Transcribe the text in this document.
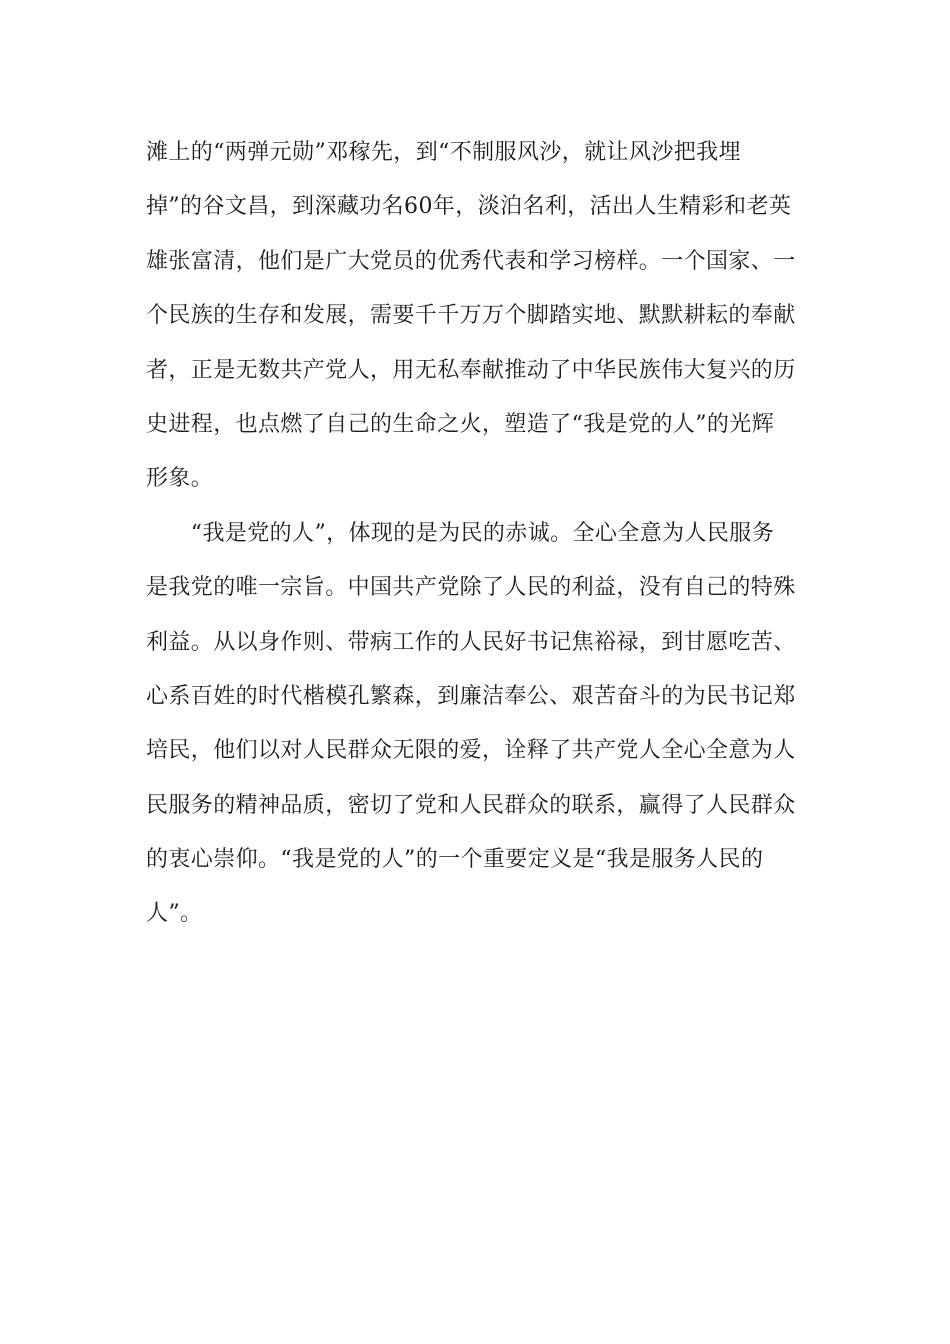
滩上的“两弹元勋”邓稼先，到“不制服风沙，就让风沙把我埋
掉”的谷文昌，到深藏功名60年，淡泊名利，活出人生精彩和老英
雄张富清，他们是广大党员的优秀代表和学习榜样。一个国家、一
个民族的生存和发展，需要千千万万个脚踏实地、默默耕耘的奉献
者，正是无数共产党人，用无私奉献推动了中华民族伟大复兴的历
史进程，也点燃了自己的生命之火，塑造了“我是党的人”的光辉
形象。
　　“我是党的人”，体现的是为民的赤诚。全心全意为人民服务
是我党的唯一宗旨。中国共产党除了人民的利益，没有自己的特殊
利益。从以身作则、带病工作的人民好书记焦裕禄，到甘愿吃苦、
心系百姓的时代楷模孔繁森，到廉洁奉公、艰苦奋斗的为民书记郑
培民，他们以对人民群众无限的爱，诠释了共产党人全心全意为人
民服务的精神品质，密切了党和人民群众的联系，赢得了人民群众
的衷心崇仰。“我是党的人”的一个重要定义是“我是服务人民的
人”。
